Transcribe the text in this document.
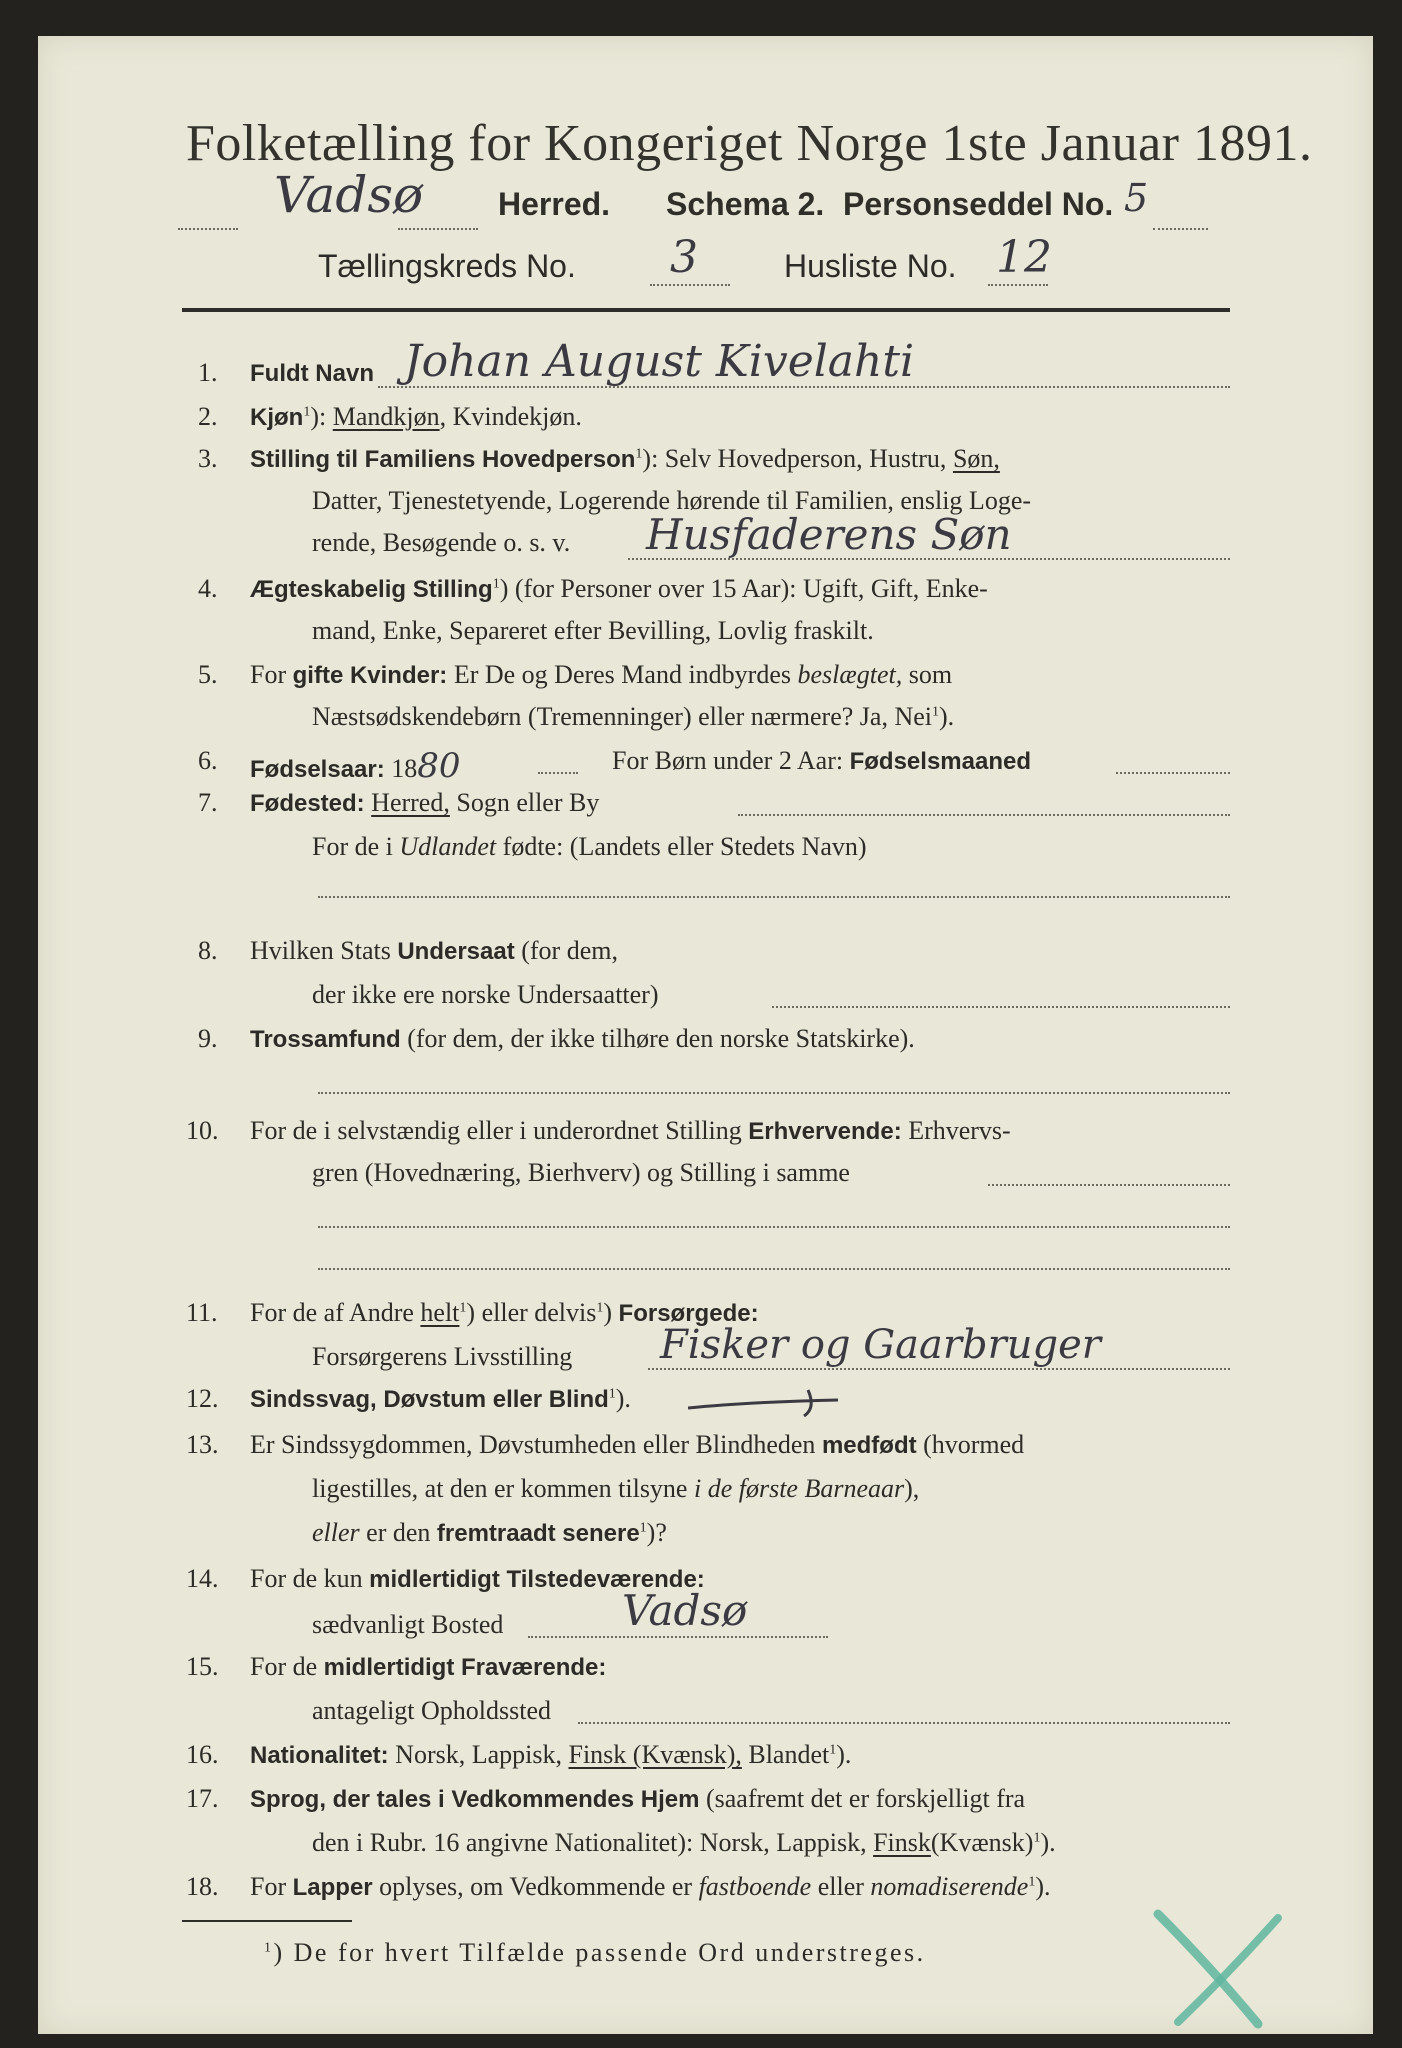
Folketælling for Kongeriget Norge 1ste Januar 1891.
Vadsø Herred. Schema 2. Personseddel No. 5
Tællingskreds No. 3	Husliste No. 12
1. Fuldt Navn Johan August Kivelahti
2. Kjøn$^1$): Mandkjøn, Kvindekjøn.
3. Stilling til Familiens Hovedperson$^1$): Selv Hovedperson, Hustru, Søn,
Datter, Tjenestetyende, Logerende hørende til Familien, enslig Loge-
rende, Besøgende o. s. v. Husfaderens Søn
4. Ægteskabelig Stilling$^1$) (for Personer over 15 Aar): Ugift, Gift, Enke-
mand, Enke, Separeret efter Bevilling, Lovlig fraskilt.
5. For gifte Kvinder: Er De og Deres Mand indbyrdes beslægtet, som
Næstsødskendebørn (Tremenninger) eller nærmere? Ja, Nei$^1$).
6. Fødselsaar: 1880	For Børn under 2 Aar: Fødselsmaaned
7. Fødested: Herred, Sogn eller By
For de i Udlandet fødte: (Landets eller Stedets Navn)
8. Hvilken Stats Undersaat (for dem,
der ikke ere norske Undersaatter)
9. Trossamfund (for dem, der ikke tilhøre den norske Statskirke).
10. For de i selvstændig eller i underordnet Stilling Erhvervende: Erhvervs-
gren (Hovednæring, Bierhverv) og Stilling i samme
11. For de af Andre helt$^1$) eller delvis$^1$) Forsørgede:
Forsørgerens Livsstilling Fisker og Gaarbruger
12. Sindssvag, Døvstum eller Blind$^1$).
13. Er Sindssygdommen, Døvstumheden eller Blindheden medfødt (hvormed
ligestilles, at den er kommen tilsyne i de første Barneaar),
eller er den fremtraadt senere$^1$)?
14. For de kun midlertidigt Tilstedeværende:
sædvanligt Bosted	Vadsø
15. For de midlertidigt Fraværende:
antageligt Opholdssted
16. Nationalitet: Norsk, Lappisk, Finsk (Kvænsk), Blandet$^1$).
17. Sprog, der tales i Vedkommendes Hjem (saafremt det er forskjelligt fra
den i Rubr. 16 angivne Nationalitet): Norsk, Lappisk, Finsk(Kvænsk)$^1$).
18. For Lapper oplyses, om Vedkommende er fastboende eller nomadiserende$^1$).
$^1$) De for hvert Tilfælde passende Ord understreges.
